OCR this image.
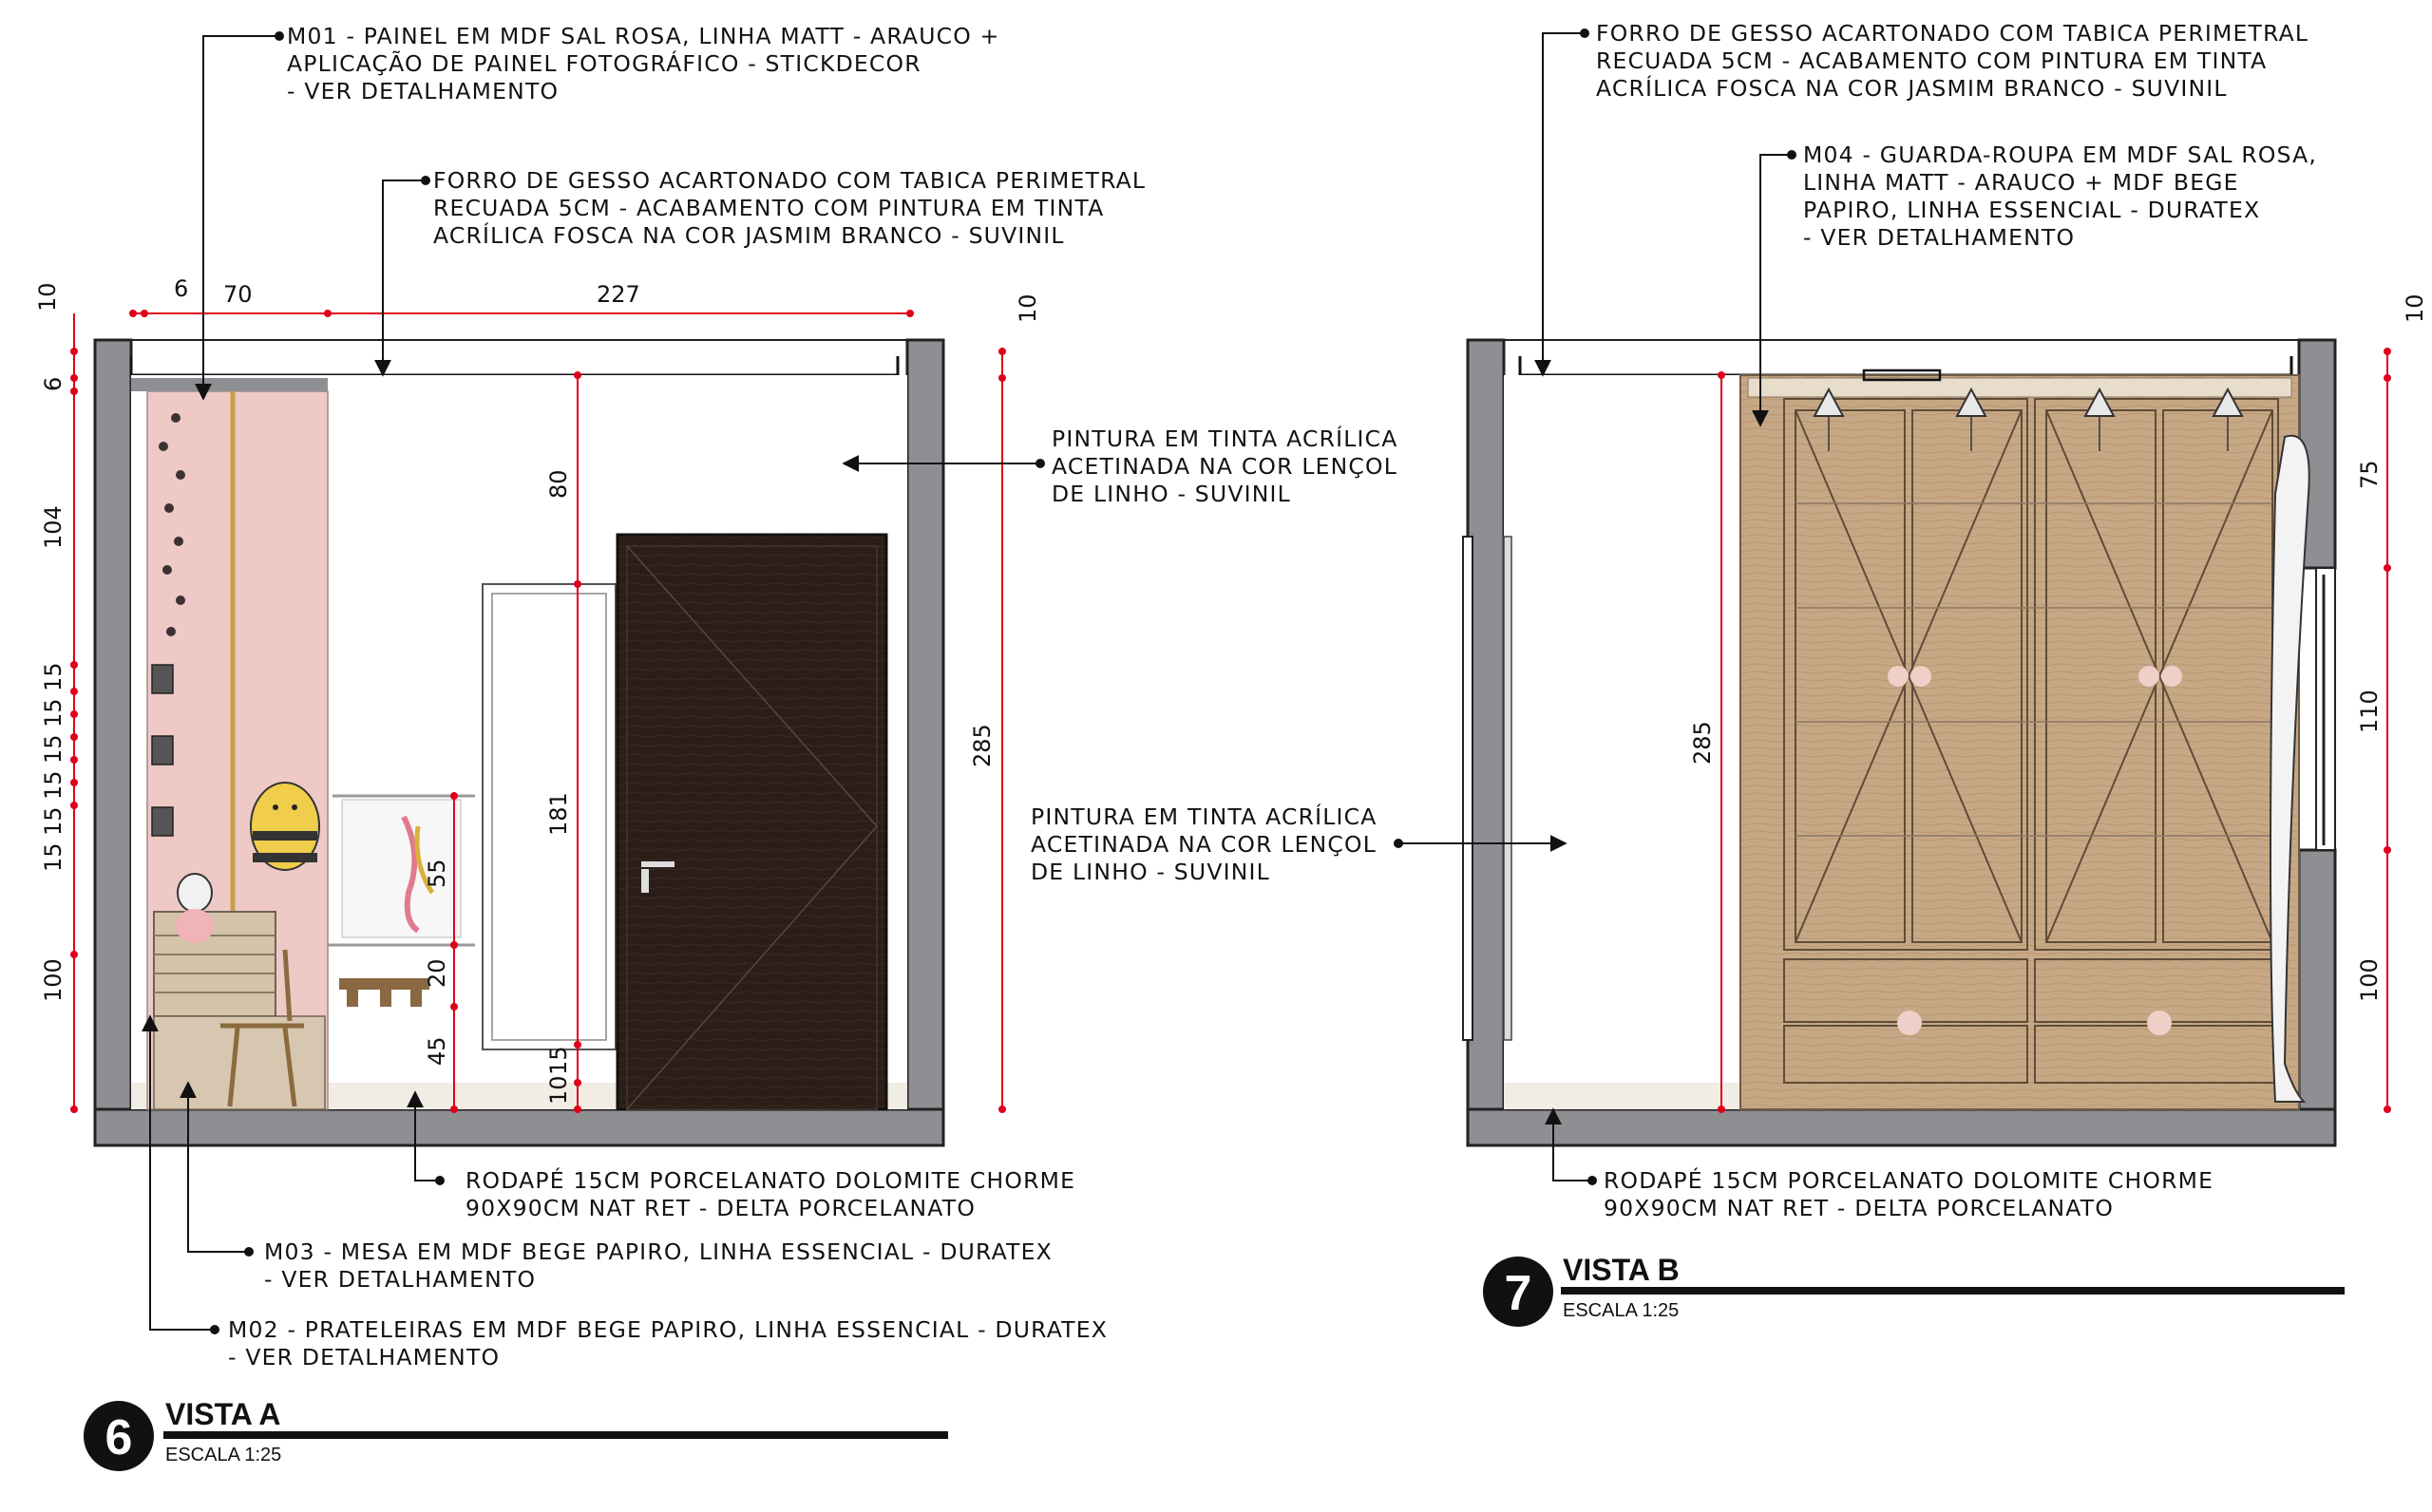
10	6 70	227	10
6
104
15
15
15
15
15
15
100
80
181
55
20
45	15
10
285
M01 - PAINEL EM MDF SAL ROSA, LINHA MATT - ARAUCO + APLICAÇÃO DE PAINEL FOTOGRÁFICO - STICKDECOR - VER DETALHAMENTO
FORRO DE GESSO ACARTONADO COM TABICA PERIMETRAL RECUADA 5CM - ACABAMENTO COM PINTURA EM TINTA ACRÍLICA FOSCA NA COR JASMIM BRANCO - SUVINIL
PINTURA EM TINTA ACRÍLICA ACETINADA NA COR LENÇOL DE LINHO - SUVINIL
RODAPÉ 15CM PORCELANATO DOLOMITE CHORME 90X90CM NAT RET - DELTA PORCELANATO
M03 - MESA EM MDF BEGE PAPIRO, LINHA ESSENCIAL - DURATEX - VER DETALHAMENTO
M02 - PRATELEIRAS EM MDF BEGE PAPIRO, LINHA ESSENCIAL - DURATEX - VER DETALHAMENTO
6 VISTA A
ESCALA 1:25
285
10
75
110
100
FORRO DE GESSO ACARTONADO COM TABICA PERIMETRAL RECUADA 5CM - ACABAMENTO COM PINTURA EM TINTA ACRÍLICA FOSCA NA COR JASMIM BRANCO - SUVINIL
M04 - GUARDA-ROUPA EM MDF SAL ROSA, LINHA MATT - ARAUCO + MDF BEGE PAPIRO, LINHA ESSENCIAL - DURATEX - VER DETALHAMENTO
PINTURA EM TINTA ACRÍLICA ACETINADA NA COR LENÇOL DE LINHO - SUVINIL
RODAPÉ 15CM PORCELANATO DOLOMITE CHORME 90X90CM NAT RET - DELTA PORCELANATO
7 VISTA B
ESCALA 1:25
